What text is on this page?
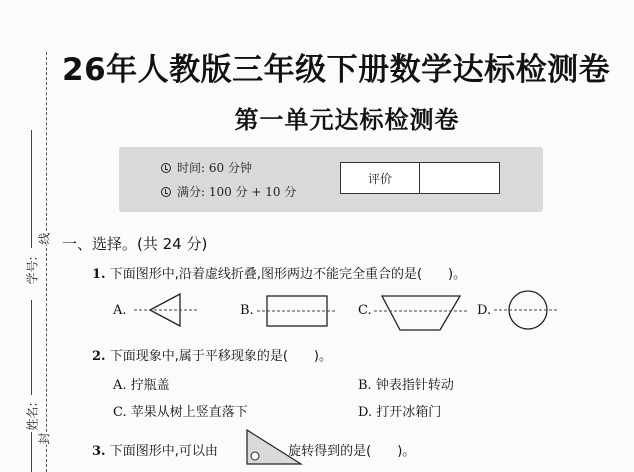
学号:
线
姓名:
封
26年人教版三年级下册数学达标检测卷
第一单元达标检测卷
时间: 60 分钟
满分: 100 分 + 10 分
评价
一、选择。(共 24 分)
1. 下面图形中,沿着虚线折叠,图形两边不能完全重合的是(　　)。
A.	B.	C.	D.
2. 下面现象中,属于平移现象的是(　　)。
A. 拧瓶盖	B. 钟表指针转动
C. 苹果从树上竖直落下	D. 打开冰箱门
3. 下面图形中,可以由	旋转得到的是(　　)。
